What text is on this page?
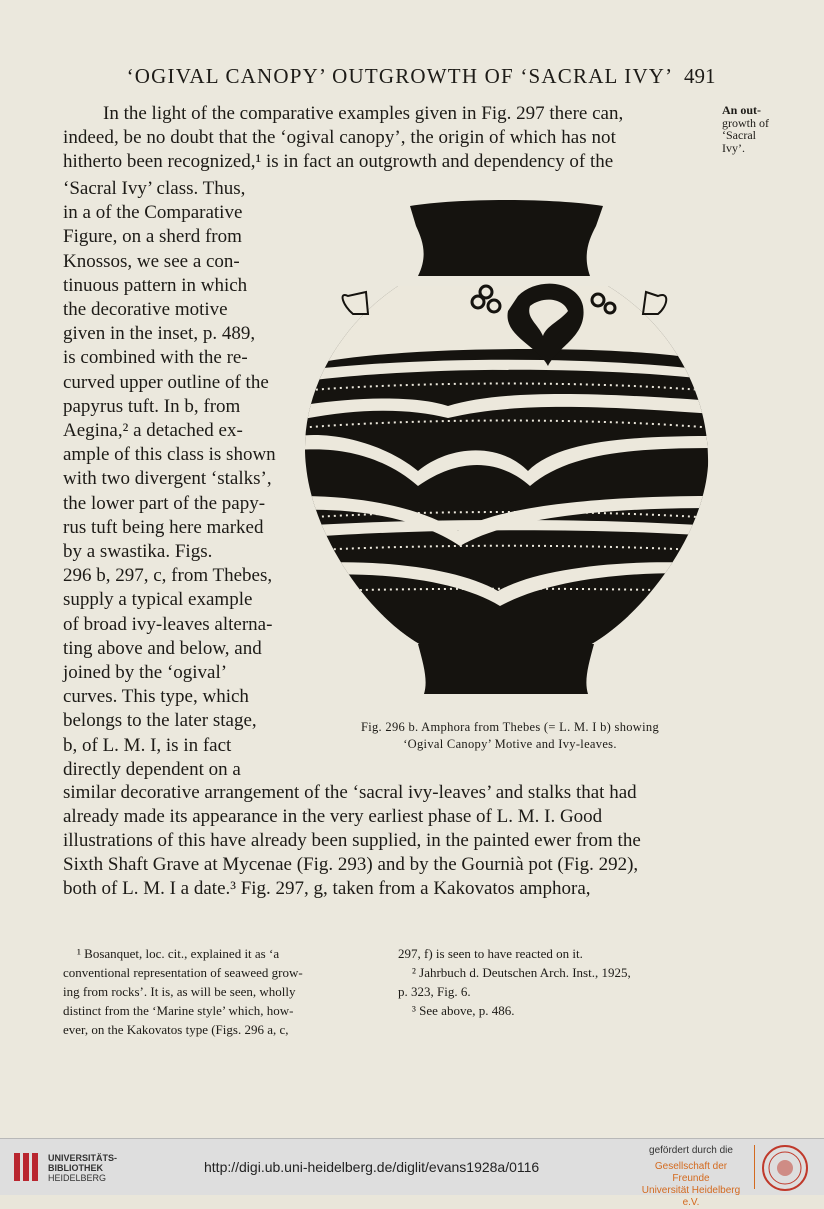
‘OGIVAL CANOPY’ OUTGROWTH OF ‘SACRAL IVY’ 491
An out-
growth of
‘Sacral
Ivy’.
In the light of the comparative examples given in Fig. 297 there can,
indeed, be no doubt that the ‘ogival canopy’, the origin of which has not
hitherto been recognized,¹ is in fact an outgrowth and dependency of the
‘Sacral Ivy’ class. Thus,
in a of the Comparative
Figure, on a sherd from
Knossos, we see a con-
tinuous pattern in which
the decorative motive
given in the inset, p. 489,
is combined with the re-
curved upper outline of the
papyrus tuft. In b, from
Aegina,² a detached ex-
ample of this class is shown
with two divergent ‘stalks’,
the lower part of the papy-
rus tuft being here marked
by a swastika. Figs.
296 b, 297, c, from Thebes,
supply a typical example
of broad ivy-leaves alterna-
ting above and below, and
joined by the ‘ogival’
curves. This type, which
belongs to the later stage,
b, of L. M. I, is in fact
directly dependent on a
Fig. 296 b. Amphora from Thebes (= L. M. I b) showing
‘Ogival Canopy’ Motive and Ivy-leaves.
similar decorative arrangement of the ‘sacral ivy-leaves’ and stalks that had
already made its appearance in the very earliest phase of L. M. I. Good
illustrations of this have already been supplied, in the painted ewer from the
Sixth Shaft Grave at Mycenae (Fig. 293) and by the Gournià pot (Fig. 292),
both of L. M. I a date.³ Fig. 297, g, taken from a Kakovatos amphora,
¹ Bosanquet, loc. cit., explained it as ‘a
conventional representation of seaweed grow-
ing from rocks’. It is, as will be seen, wholly
distinct from the ‘Marine style’ which, how-
ever, on the Kakovatos type (Figs. 296 a, c,
297, f) is seen to have reacted on it.
² Jahrbuch d. Deutschen Arch. Inst., 1925,
p. 323, Fig. 6.
³ See above, p. 486.
UNIVERSITÄTS-
BIBLIOTHEK
HEIDELBERG
http://digi.ub.uni-heidelberg.de/diglit/evans1928a/0116
gefördert durch die
Gesellschaft der Freunde
Universität Heidelberg e.V.
